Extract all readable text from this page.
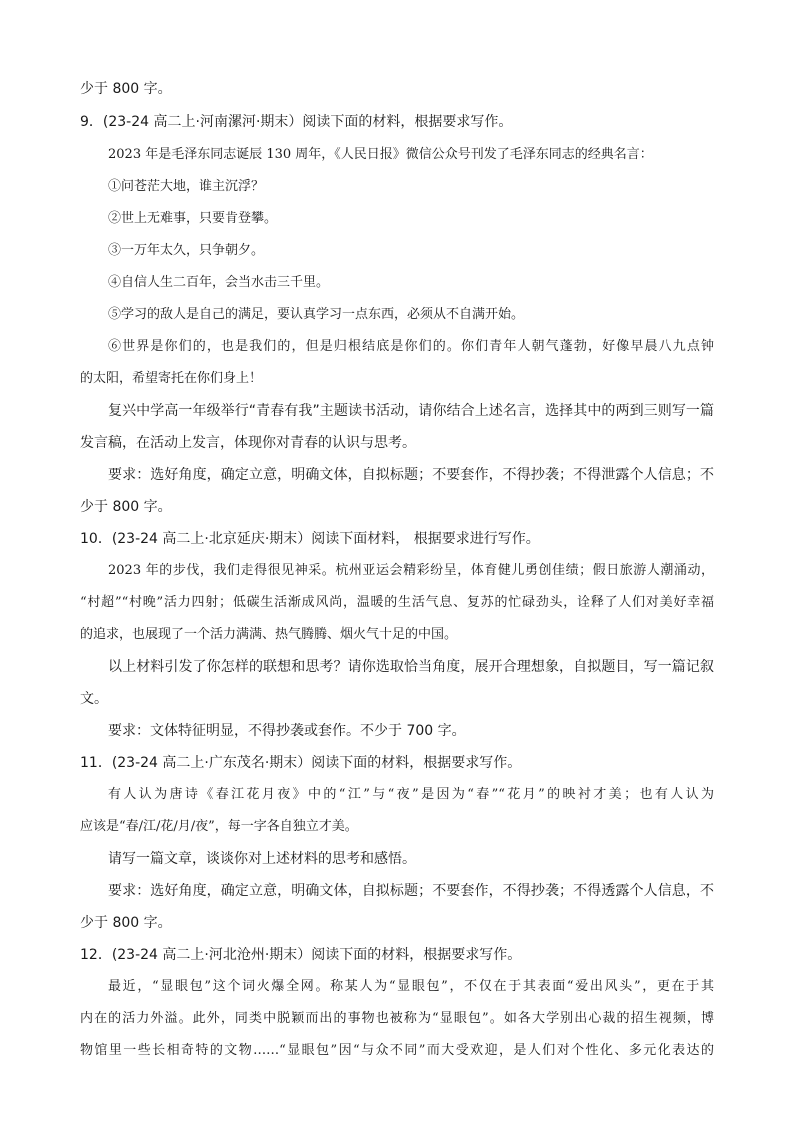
少于 800 字。

9．(23-24 高二上·河南漯河·期末）阅读下面的材料，根据要求写作。

2023 年是毛泽东同志诞辰 130 周年，《人民日报》微信公众号刊发了毛泽东同志的经典名言：

①问苍茫大地，谁主沉浮？

②世上无难事，只要肯登攀。

③一万年太久，只争朝夕。

④自信人生二百年，会当水击三千里。

⑤学习的敌人是自己的满足，要认真学习一点东西，必须从不自满开始。

⑥世界是你们的，也是我们的，但是归根结底是你们的。你们青年人朝气蓬勃，好像早晨八九点钟

的太阳，希望寄托在你们身上！

复兴中学高一年级举行“青春有我”主题读书活动，请你结合上述名言，选择其中的两到三则写一篇

发言稿，在活动上发言，体现你对青春的认识与思考。

要求：选好角度，确定立意，明确文体，自拟标题；不要套作，不得抄袭；不得泄露个人信息；不

少于 800 字。

10．(23-24 高二上·北京延庆·期末）阅读下面材料， 根据要求进行写作。

2023 年的步伐，我们走得很见神采。杭州亚运会精彩纷呈，体育健儿勇创佳绩；假日旅游人潮涌动，

“村超”“村晚”活力四射；低碳生活渐成风尚，温暖的生活气息、复苏的忙碌劲头，诠释了人们对美好幸福

的追求，也展现了一个活力满满、热气腾腾、烟火气十足的中国。

以上材料引发了你怎样的联想和思考？请你选取恰当角度，展开合理想象，自拟题目，写一篇记叙

文。

要求：文体特征明显，不得抄袭或套作。不少于 700 字。

11．(23-24 高二上·广东茂名·期末）阅读下面的材料，根据要求写作。

有人认为唐诗《春江花月夜》中的“江”与“夜”是因为“春”“花月”的映衬才美；也有人认为

应该是“春/江/花/月/夜”，每一字各自独立才美。

请写一篇文章，谈谈你对上述材料的思考和感悟。

要求：选好角度，确定立意，明确文体，自拟标题；不要套作，不得抄袭；不得透露个人信息，不

少于 800 字。

12．(23-24 高二上·河北沧州·期末）阅读下面的材料，根据要求写作。

最近，“显眼包”这个词火爆全网。称某人为“显眼包”，不仅在于其表面“爱出风头”，更在于其

内在的活力外溢。此外，同类中脱颖而出的事物也被称为“显眼包”。如各大学别出心裁的招生视频，博

物馆里一些长相奇特的文物……“显眼包”因“与众不同”而大受欢迎，是人们对个性化、多元化表达的
